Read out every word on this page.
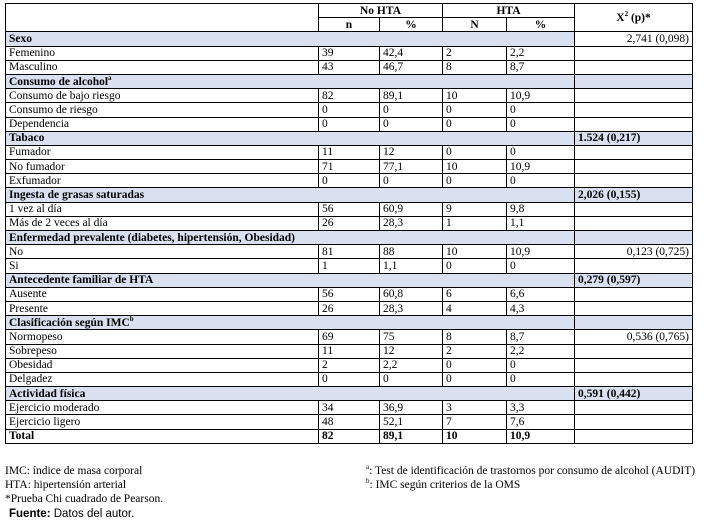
	No HTA		HTA		$X^2$ (p)*
	n	%	N	%	
Sexo					2,741 (0,098)
Femenino	39	42,4	2	2,2	
Masculino	43	46,7	8	8,7	
Consumo de alcohol$^a$	
Consumo de bajo riesgo	82	89,1	10	10,9	
Consumo de riesgo	0	0	0	0	
Dependencia	0	0	0	0	
Tabaco					1.524 (0,217)
Fumador	11	12	0	0	
No fumador	71	77,1	10	10,9	
Exfumador	0	0	0	0	
Ingesta de grasas saturadas					2,026 (0,155)
1 vez al día	56	60,9	9	9,8	
Más de 2 veces al día	26	28,3	1	1,1	
Enfermedad prevalente (diabetes, hipertensión, Obesidad)					
No	81	88	10	10,9	0,123 (0,725)
Si	1	1,1	0	0	
Antecedente familiar de HTA					0,279 (0,597)
Ausente	56	60,8	6	6,6	
Presente	26	28,3	4	4,3	
Clasificación según IMC$^b$	
Normopeso	69	75	8	8,7	0,536 (0,765)
Sobrepeso	11	12	2	2,2	
Obesidad	2	2,2	0	0	
Delgadez	0	0	0	0	
Actividad física					0,591 (0,442)
Ejercicio moderado	34	36,9	3	3,3	
Ejercicio ligero	48	52,1	7	7,6	
Total	82	89,1	10	10,9	
IMC: índice de masa corporal
HTA: hipertensión arterial
*Prueba Chi cuadrado de Pearson.
$^a$: Test de identificación de trastornos por consumo de alcohol (AUDIT)
$^b$: IMC según criterios de la OMS
Fuente: Datos del autor.
